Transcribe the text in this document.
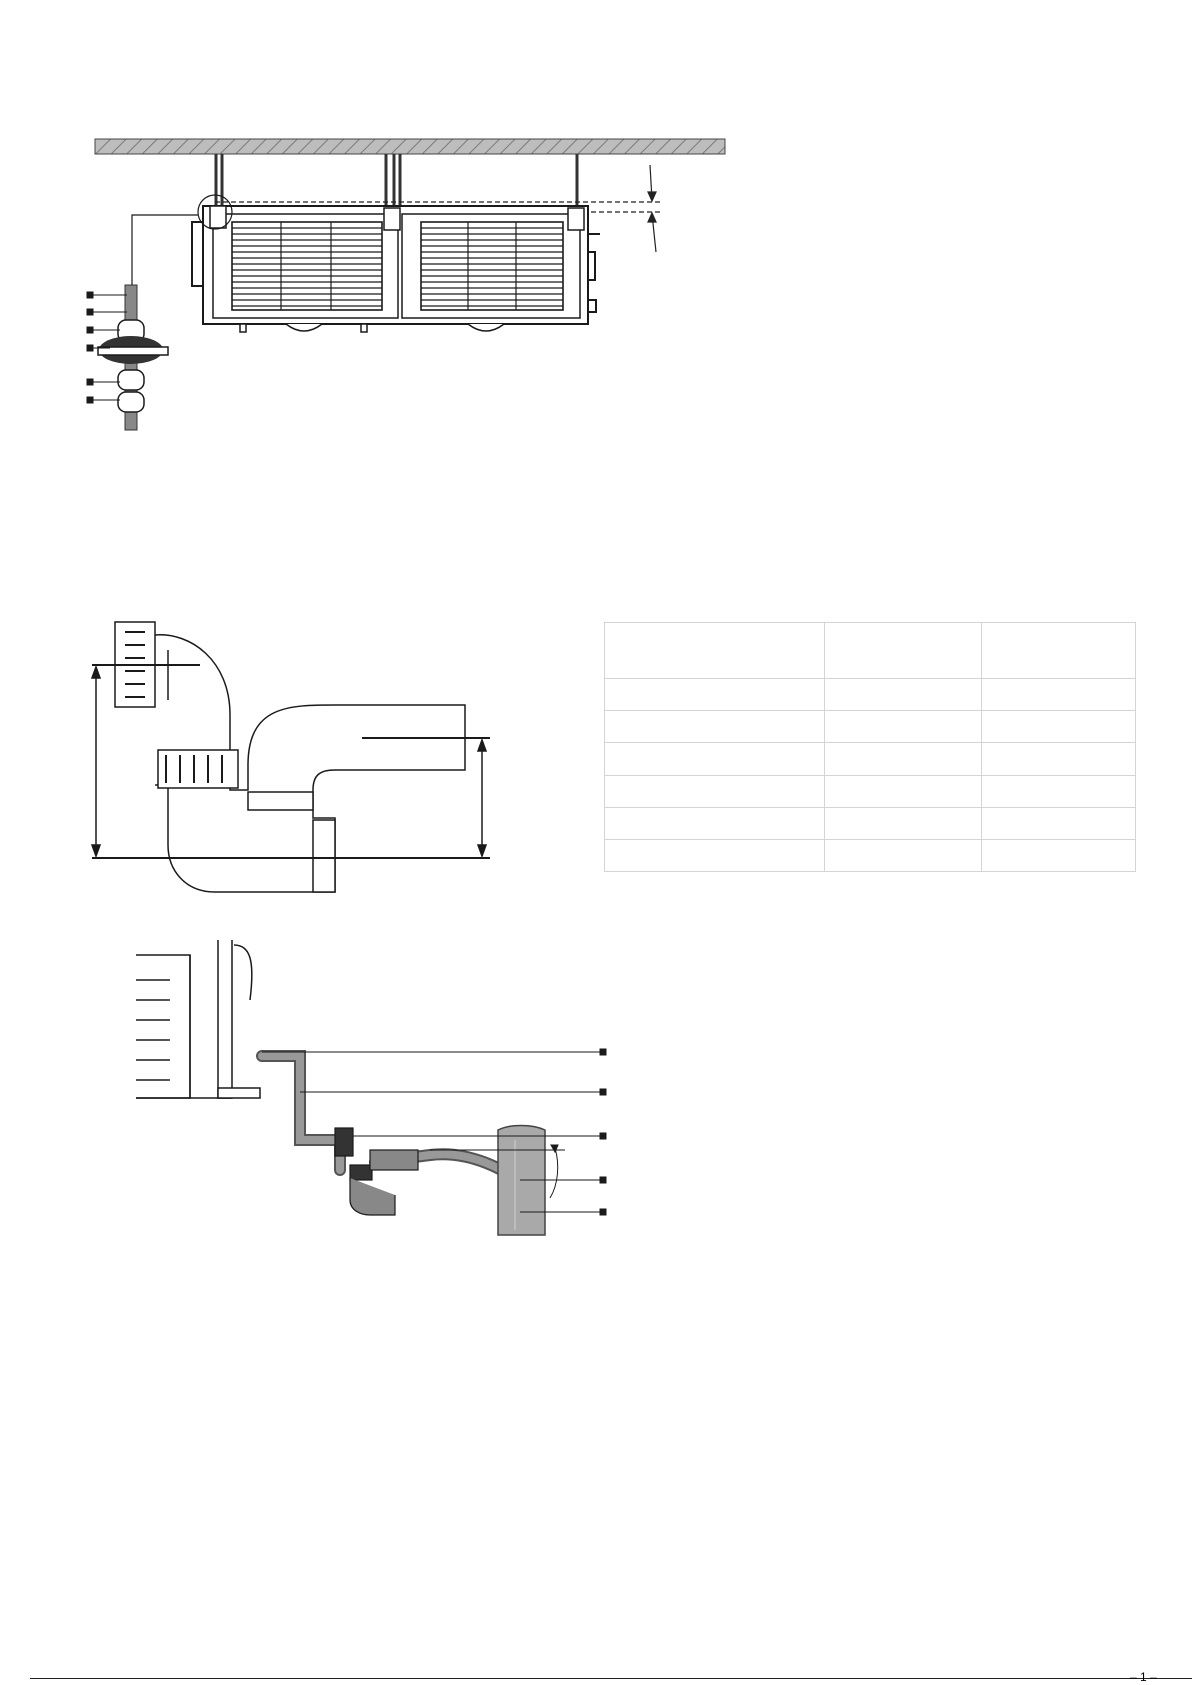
– 1 –
